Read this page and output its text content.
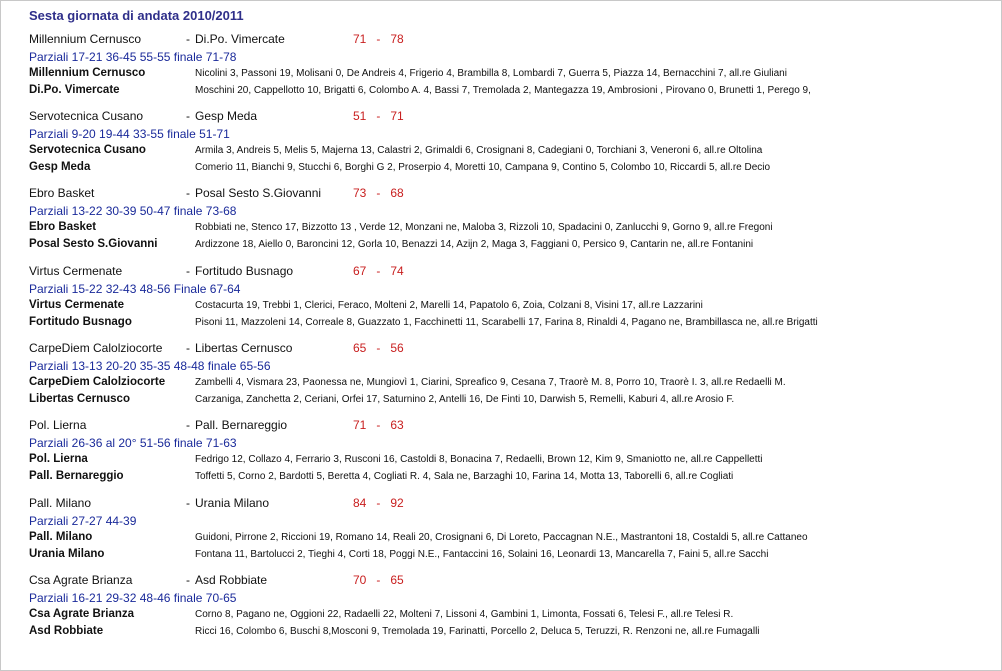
Sesta giornata di andata 2010/2011
Millennium Cernusco	- Di.Po. Vimercate	71   -   78
Parziali 17-21 36-45 55-55 finale 71-78
Millennium Cernusco	Nicolini 3, Passoni 19, Molisani 0, De Andreis 4, Frigerio 4, Brambilla 8, Lombardi 7, Guerra 5, Piazza 14, Bernacchini 7, all.re Giuliani
Di.Po. Vimercate	Moschini 20, Cappellotto 10, Brigatti 6, Colombo A. 4, Bassi 7, Tremolada 2, Mantegazza 19, Ambrosioni , Pirovano 0, Brunetti 1, Perego 9,
Servotecnica Cusano	- Gesp Meda	51   -   71
Parziali 9-20 19-44 33-55 finale 51-71
Servotecnica Cusano	Armila 3, Andreis 5, Melis 5, Majerna 13, Calastri 2, Grimaldi 6, Crosignani 8, Cadegiani 0, Torchiani 3, Veneroni 6, all.re Oltolina
Gesp Meda	Comerio 11, Bianchi 9, Stucchi 6, Borghi G 2, Proserpio 4, Moretti 10, Campana 9, Contino 5, Colombo 10, Riccardi 5, all.re Decio
Ebro Basket	- Posal Sesto S.Giovanni	73   -   68
Parziali 13-22 30-39 50-47 finale 73-68
Ebro Basket	Robbiati ne, Stenco 17, Bizzotto 13 , Verde 12, Monzani ne, Maloba 3, Rizzoli 10, Spadacini 0, Zanlucchi 9, Gorno 9, all.re Fregoni
Posal Sesto S.Giovanni	Ardizzone 18, Aiello 0, Baroncini 12, Gorla 10, Benazzi 14, Azijn 2, Maga 3, Faggiani 0, Persico 9, Cantarin ne, all.re Fontanini
Virtus Cermenate	- Fortitudo Busnago	67   -   74
Parziali 15-22 32-43 48-56 Finale 67-64
Virtus Cermenate	Costacurta 19, Trebbi 1, Clerici, Feraco, Molteni 2, Marelli 14, Papatolo 6, Zoia, Colzani 8, Visini 17, all.re Lazzarini
Fortitudo Busnago	Pisoni 11, Mazzoleni 14, Correale 8, Guazzato 1, Facchinetti 11, Scarabelli 17, Farina 8, Rinaldi 4, Pagano ne, Brambillasca ne, all.re Brigatti
CarpeDiem Calolziocorte - Libertas Cernusco	65   -   56
Parziali 13-13 20-20 35-35 48-48 finale 65-56
CarpeDiem Calolziocorte	Zambelli 4, Vismara 23, Paonessa ne, Mungiovì 1, Ciarini, Spreafico 9, Cesana 7, Traorè M. 8, Porro 10, Traorè I. 3, all.re Redaelli M.
Libertas Cernusco	Carzaniga, Zanchetta 2, Ceriani, Orfei 17, Saturnino 2, Antelli 16, De Finti 10, Darwish 5, Remelli, Kaburi 4, all.re Arosio F.
Pol. Lierna	- Pall. Bernareggio	71   -   63
Parziali 26-36 al 20° 51-56 finale 71-63
Pol. Lierna	Fedrigo 12, Collazo 4, Ferrario 3, Rusconi 16, Castoldi 8, Bonacina 7, Redaelli, Brown 12, Kim 9, Smaniotto ne, all.re Cappelletti
Pall. Bernareggio	Toffetti 5, Corno 2, Bardotti 5, Beretta 4, Cogliati R. 4, Sala ne, Barzaghi 10, Farina 14, Motta 13, Taborelli 6, all.re Cogliati
Pall. Milano	- Urania Milano	84   -   92
Parziali 27-27 44-39
Pall. Milano	Guidoni, Pirrone 2, Riccioni 19, Romano 14, Reali 20, Crosignani 6, Di Loreto, Paccagnan N.E., Mastrantoni 18, Costaldi 5, all.re Cattaneo
Urania Milano	Fontana 11, Bartolucci 2, Tieghi 4, Corti 18, Poggi N.E., Fantaccini 16, Solaini 16, Leonardi 13, Mancarella 7, Faini 5, all.re Sacchi
Csa Agrate Brianza	- Asd Robbiate	70   -   65
Parziali 16-21 29-32 48-46 finale 70-65
Csa Agrate Brianza	Corno 8, Pagano ne, Oggioni 22, Radaelli 22, Molteni 7, Lissoni 4, Gambini 1, Limonta, Fossati 6, Telesi F., all.re Telesi R.
Asd Robbiate	Ricci 16, Colombo 6, Buschi 8,Mosconi 9, Tremolada 19, Farinatti, Porcello 2, Deluca 5, Teruzzi, R. Renzoni ne, all.re Fumagalli
